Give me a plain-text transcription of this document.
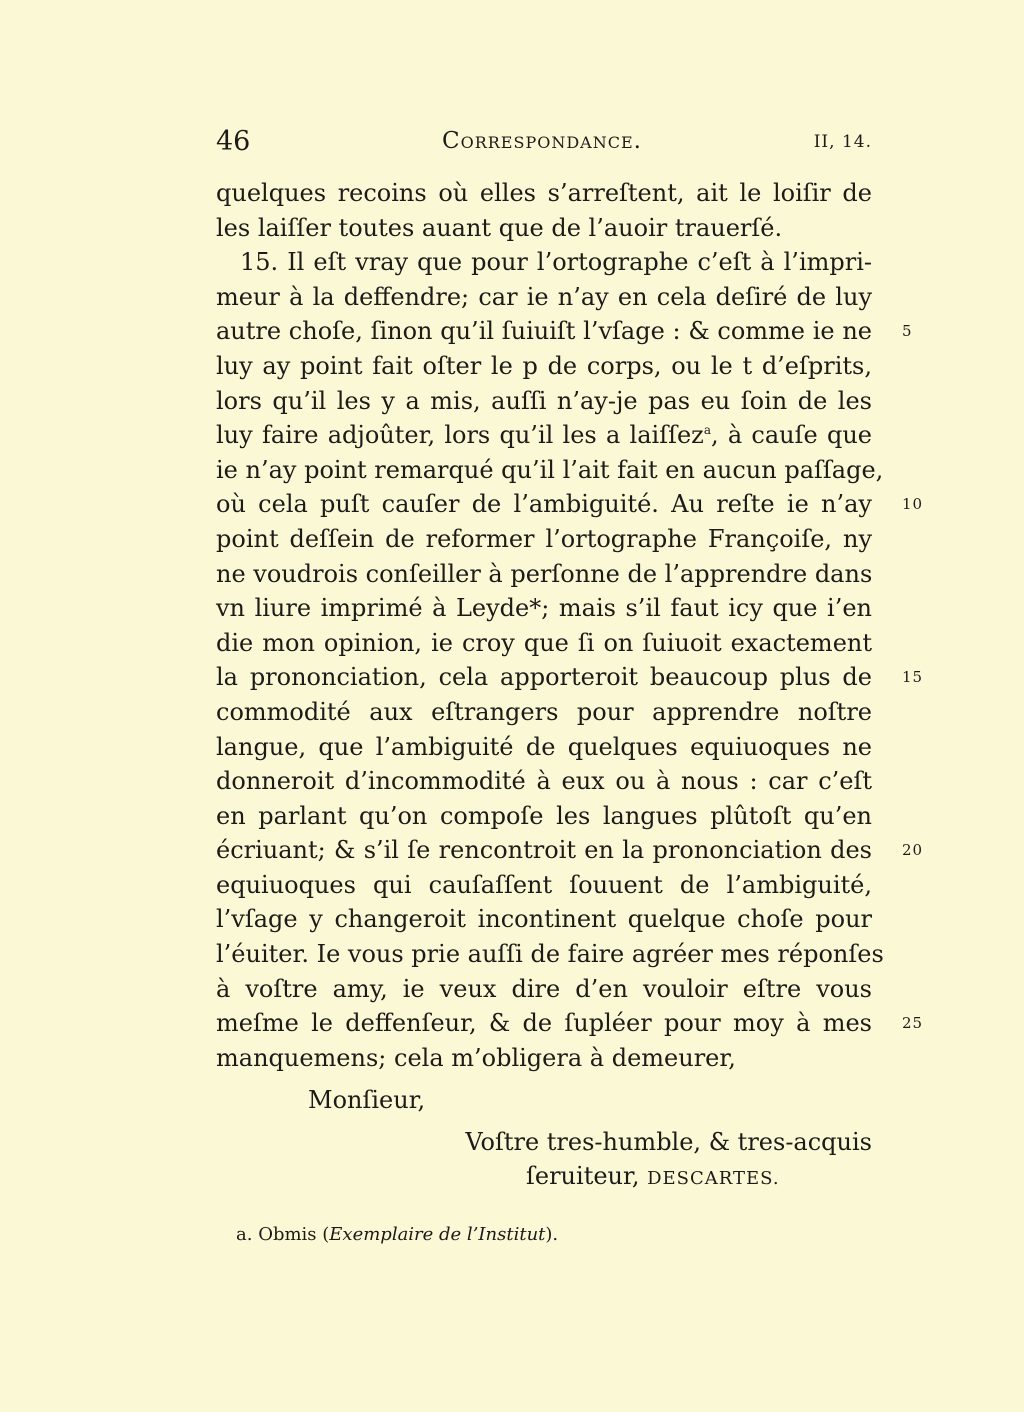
46	Correspondance.	II, 14.
quelques recoins où elles s’arreſtent, ait le loiſir de
les laiſſer toutes auant que de l’auoir trauerſé.
15. Il eſt vray que pour l’ortographe c’eſt à l’impri-
meur à la deffendre; car ie n’ay en cela deſiré de luy
autre choſe, ſinon qu’il ſuiuiſt l’vſage : & comme ie ne 5
luy ay point fait oſter le p de corps, ou le t d’eſprits,
lors qu’il les y a mis, auſſi n’ay-je pas eu ſoin de les
luy faire adjoûter, lors qu’il les a laiſſez$^a$, à cauſe que
ie n’ay point remarqué qu’il l’ait fait en aucun paſſage,
où cela puſt cauſer de l’ambiguité. Au reſte ie n’ay 10
point deſſein de reformer l’ortographe Françoiſe, ny
ne voudrois conſeiller à perſonne de l’apprendre dans
vn liure imprimé à Leyde*; mais s’il faut icy que i’en
die mon opinion, ie croy que ſi on ſuiuoit exactement
la prononciation, cela apporteroit beaucoup plus de 15
commodité aux eſtrangers pour apprendre noſtre
langue, que l’ambiguité de quelques equiuoques ne
donneroit d’incommodité à eux ou à nous : car c’eſt
en parlant qu’on compoſe les langues plûtoſt qu’en
écriuant; & s’il ſe rencontroit en la prononciation des 20
equiuoques qui cauſaſſent ſouuent de l’ambiguité,
l’vſage y changeroit incontinent quelque choſe pour
l’éuiter. Ie vous prie auſſi de faire agréer mes réponſes
à voſtre amy, ie veux dire d’en vouloir eſtre vous
meſme le deffenſeur, & de ſupléer pour moy à mes 25
manquemens; cela m’obligera à demeurer,
Monſieur,
Voſtre tres-humble, & tres-acquis
ſeruiteur, DESCARTES.
a. Obmis (Exemplaire de l’Institut).
